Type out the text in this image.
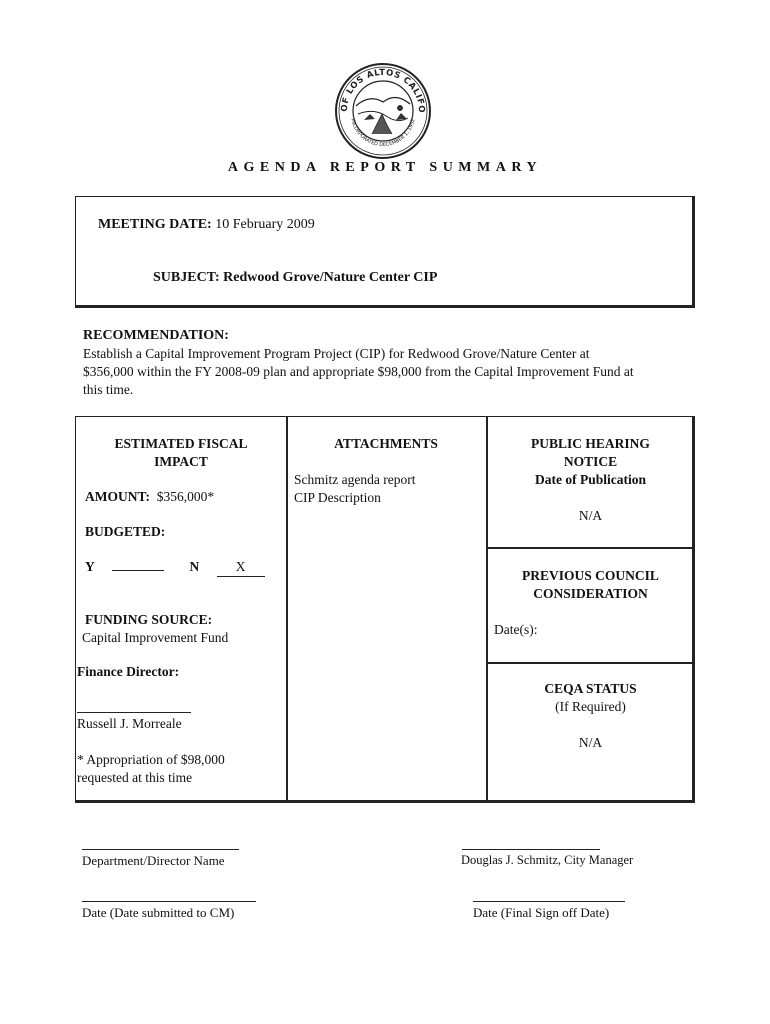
OF LOS ALTOS CALIFO
INCORPORATED DECEMBER 1, 1952
AGENDA REPORT SUMMARY
MEETING DATE: 10 February 2009
SUBJECT: Redwood Grove/Nature Center CIP
RECOMMENDATION:
Establish a Capital Improvement Program Project (CIP) for Redwood Grove/Nature Center at
$356,000 within the FY 2008-09 plan and appropriate $98,000 from the Capital Improvement Fund at
this time.
ESTIMATED FISCAL
IMPACT
AMOUNT: $356,000*
BUDGETED:
Y	N	X
FUNDING SOURCE:
Capital Improvement Fund
Finance Director:
Russell J. Morreale
* Appropriation of $98,000
requested at this time
ATTACHMENTS
Schmitz agenda report
CIP Description
PUBLIC HEARING
NOTICE
Date of Publication
N/A
PREVIOUS COUNCIL
CONSIDERATION
Date(s):
CEQA STATUS
(If Required)
N/A
Department/Director Name	Douglas J. Schmitz, City Manager
Date (Date submitted to CM)	Date (Final Sign off Date)
